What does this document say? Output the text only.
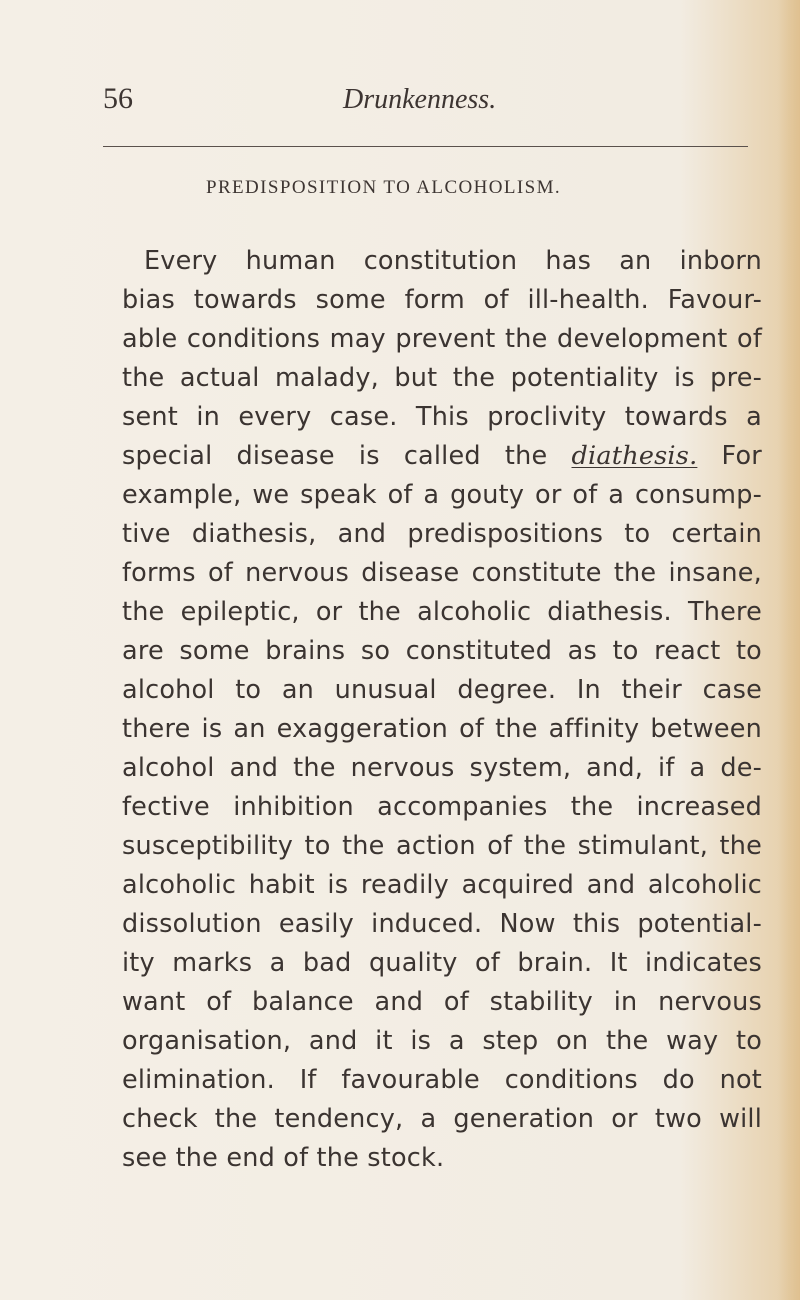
56	Drunkenness.
PREDISPOSITION TO ALCOHOLISM.
Every human constitution has an inborn
bias towards some form of ill-health. Favour-
able conditions may prevent the development of
the actual malady, but the potentiality is pre-
sent in every case. This proclivity towards a
special disease is called the diathesis. For
example, we speak of a gouty or of a consump-
tive diathesis, and predispositions to certain
forms of nervous disease constitute the insane,
the epileptic, or the alcoholic diathesis. There
are some brains so constituted as to react to
alcohol to an unusual degree. In their case
there is an exaggeration of the affinity between
alcohol and the nervous system, and, if a de-
fective inhibition accompanies the increased
susceptibility to the action of the stimulant, the
alcoholic habit is readily acquired and alcoholic
dissolution easily induced. Now this potential-
ity marks a bad quality of brain. It indicates
want of balance and of stability in nervous
organisation, and it is a step on the way to
elimination. If favourable conditions do not
check the tendency, a generation or two will
see the end of the stock.
